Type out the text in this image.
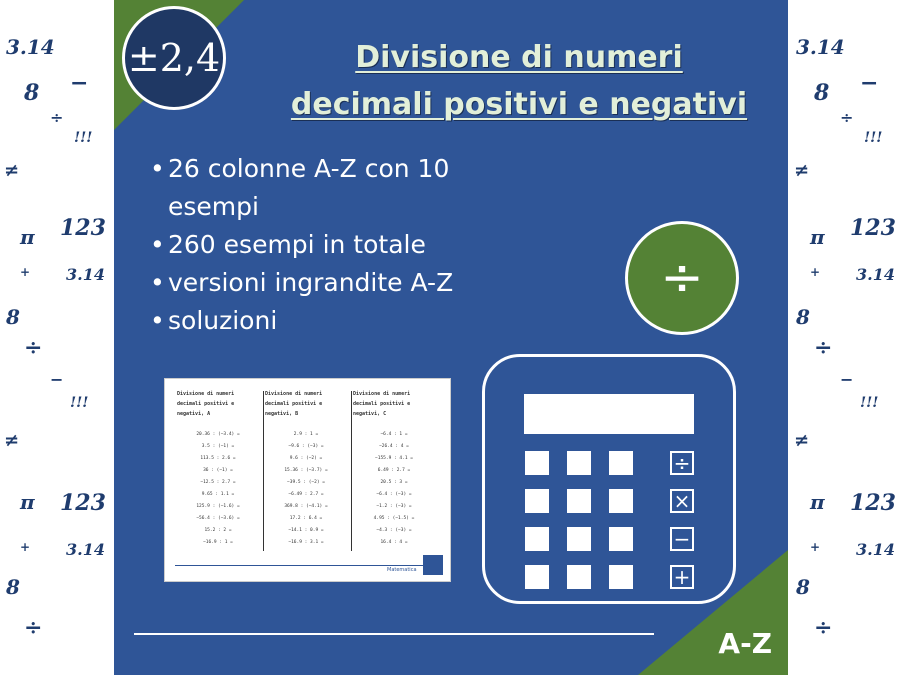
3.14
8
÷
−
!!!
≠
π 123
+ 3.14
8
÷
−
!!!
≠
π 123
+ 3.14
8
÷
3.14
8
÷
−
!!!
≠
π 123
+ 3.14
8
÷
−
!!!
≠
π 123
+ 3.14
8
÷
±2,4	Divisione di numeri
decimali positivi e negativi
• 26 colonne A-Z con 10 esempi
• 260 esempi in totale
• versioni ingrandite A-Z
• soluzioni
÷
÷
×
−
+
Divisione di numeri decimali positivi e negativi, A
20.36 : (−3.4) =
3.5 : (−1) =
113.5 : 2.6 =
36 : (−1) =
−12.5 : 2.7 =
9.65 : 1.1 =
125.9 : (−1.6) =
−56.4 : (−3.6) =
15.2 : 2 =
−16.9 : 1 =
Divisione di numeri decimali positivi e negativi, B
2.9 : 1 =
−9.6 : (−3) =
9.6 : (−2) =
15.36 : (−3.7) =
−39.5 : (−2) =
−6.49 : 2.7 =
369.8 : (−4.1) =
17.2 : 6.4 =
−14.1 : 0.9 =
−16.9 : 3.1 =
Divisione di numeri decimali positivi e negativi, C
−6.4 : 1 =
−26.4 : 4 =
−155.9 : 4.1 =
6.49 : 2.7 =
20.5 : 3 =
−6.4 : (−3) =
−1.2 : (−3) =
4.95 : (−1.5) =
−4.3 : (−3) =
16.4 : 4 =
Matematica
A-Z
